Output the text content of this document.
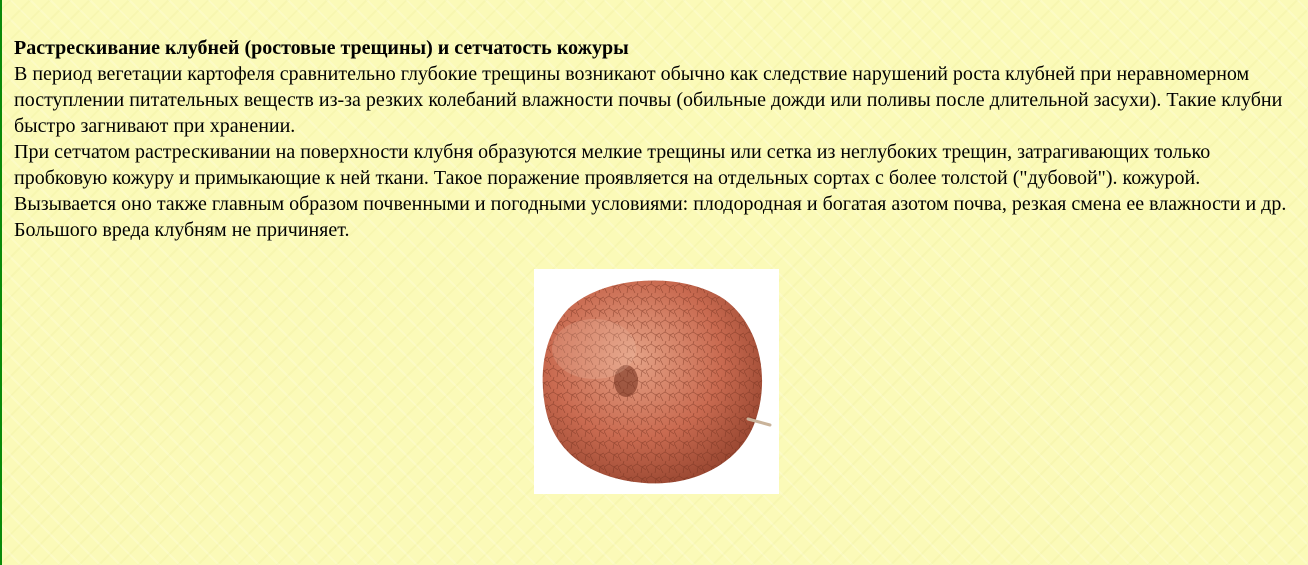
Растрескивание клубней (ростовые трещины) и сетчатость кожуры

В период вегетации картофеля сравнительно глубокие трещины возникают обычно как следствие нарушений роста клубней при неравномерном поступлении питательных веществ из-за резких колебаний влажности почвы (обильные дожди или поливы после длительной засухи). Такие клубни быстро загнивают при хранении.

При сетчатом растрескивании на поверхности клубня образуются мелкие трещины или сетка из неглубоких трещин, затрагивающих только пробковую кожуру и примыкающие к ней ткани. Такое поражение проявляется на отдельных сортах с более толстой ("дубовой"). кожурой. Вызывается оно также главным образом почвенными и погодными условиями: плодородная и богатая азотом почва, резкая смена ее влажности и др. Большого вреда клубням не причиняет.
